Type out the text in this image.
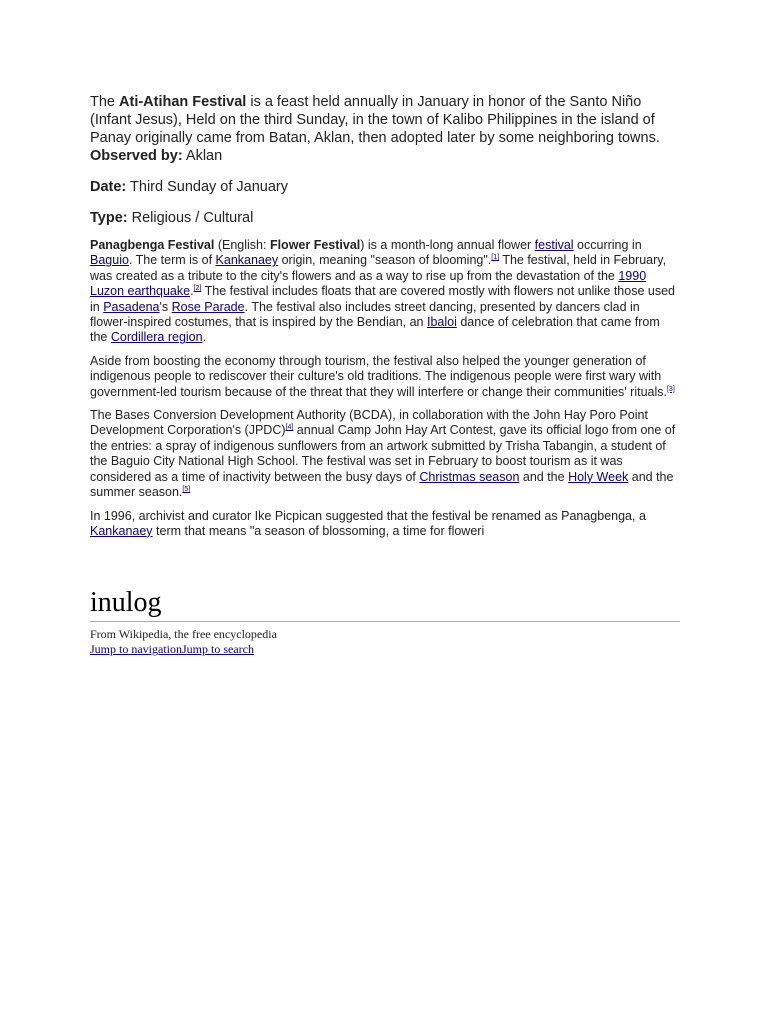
The Ati-Atihan Festival is a feast held annually in January in honor of the Santo Niño (Infant Jesus), Held on the third Sunday, in the town of Kalibo Philippines in the island of Panay originally came from Batan, Aklan, then adopted later by some neighboring towns.

Observed by: Aklan

Date: Third Sunday of January

Type: Religious / Cultural

Panagbenga Festival (English: Flower Festival) is a month-long annual flower festival occurring in Baguio. The term is of Kankanaey origin, meaning "season of blooming".[1] The festival, held in February, was created as a tribute to the city's flowers and as a way to rise up from the devastation of the 1990 Luzon earthquake.[2] The festival includes floats that are covered mostly with flowers not unlike those used in Pasadena's Rose Parade. The festival also includes street dancing, presented by dancers clad in flower-inspired costumes, that is inspired by the Bendian, an Ibaloi dance of celebration that came from the Cordillera region.

Aside from boosting the economy through tourism, the festival also helped the younger generation of indigenous people to rediscover their culture's old traditions. The indigenous people were first wary with government-led tourism because of the threat that they will interfere or change their communities' rituals.[3]

The Bases Conversion Development Authority (BCDA), in collaboration with the John Hay Poro Point Development Corporation's (JPDC)[4] annual Camp John Hay Art Contest, gave its official logo from one of the entries: a spray of indigenous sunflowers from an artwork submitted by Trisha Tabangin, a student of the Baguio City National High School. The festival was set in February to boost tourism as it was considered as a time of inactivity between the busy days of Christmas season and the Holy Week and the summer season.[5]

In 1996, archivist and curator Ike Picpican suggested that the festival be renamed as Panagbenga, a Kankanaey term that means "a season of blossoming, a time for floweri

inulog
From Wikipedia, the free encyclopedia
Jump to navigationJump to search
